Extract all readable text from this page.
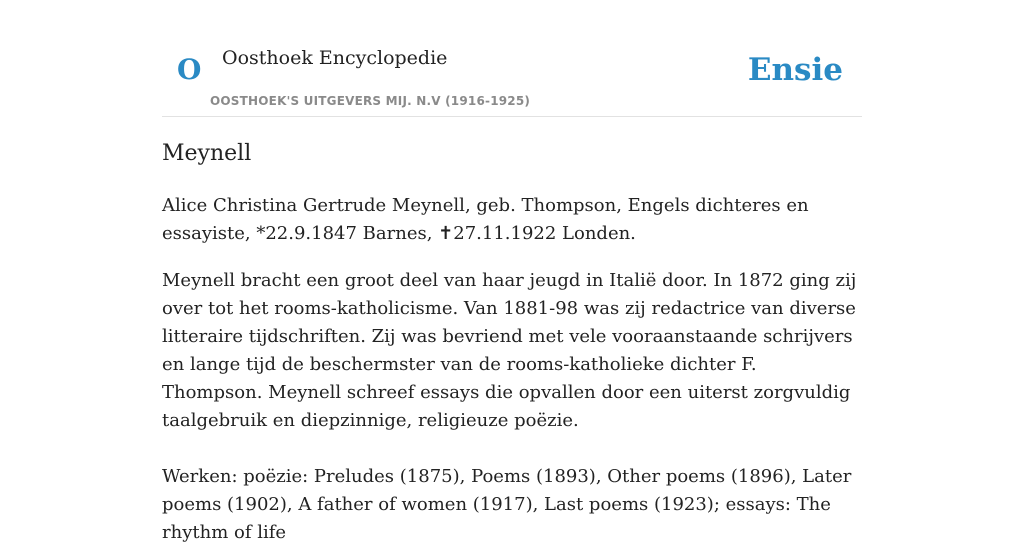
O Oosthoek Encyclopedie
OOSTHOEK'S UITGEVERS MIJ. N.V (1916-1925)
Ensie
Meynell

Alice Christina Gertrude Meynell, geb. Thompson, Engels dichteres en essayiste, *22.9.1847 Barnes, ✝27.11.1922 Londen.

Meynell bracht een groot deel van haar jeugd in Italië door. In 1872 ging zij over tot het rooms-katholicisme. Van 1881-98 was zij redactrice van diverse litteraire tijdschriften. Zij was bevriend met vele vooraanstaande schrijvers en lange tijd de beschermster van de rooms-katholieke dichter F. Thompson. Meynell schreef essays die opvallen door een uiterst zorgvuldig taalgebruik en diepzinnige, religieuze poëzie.

Werken: poëzie: Preludes (1875), Poems (1893), Other poems (1896), Later poems (1902), A father of women (1917), Last poems (1923); essays: The rhythm of life
